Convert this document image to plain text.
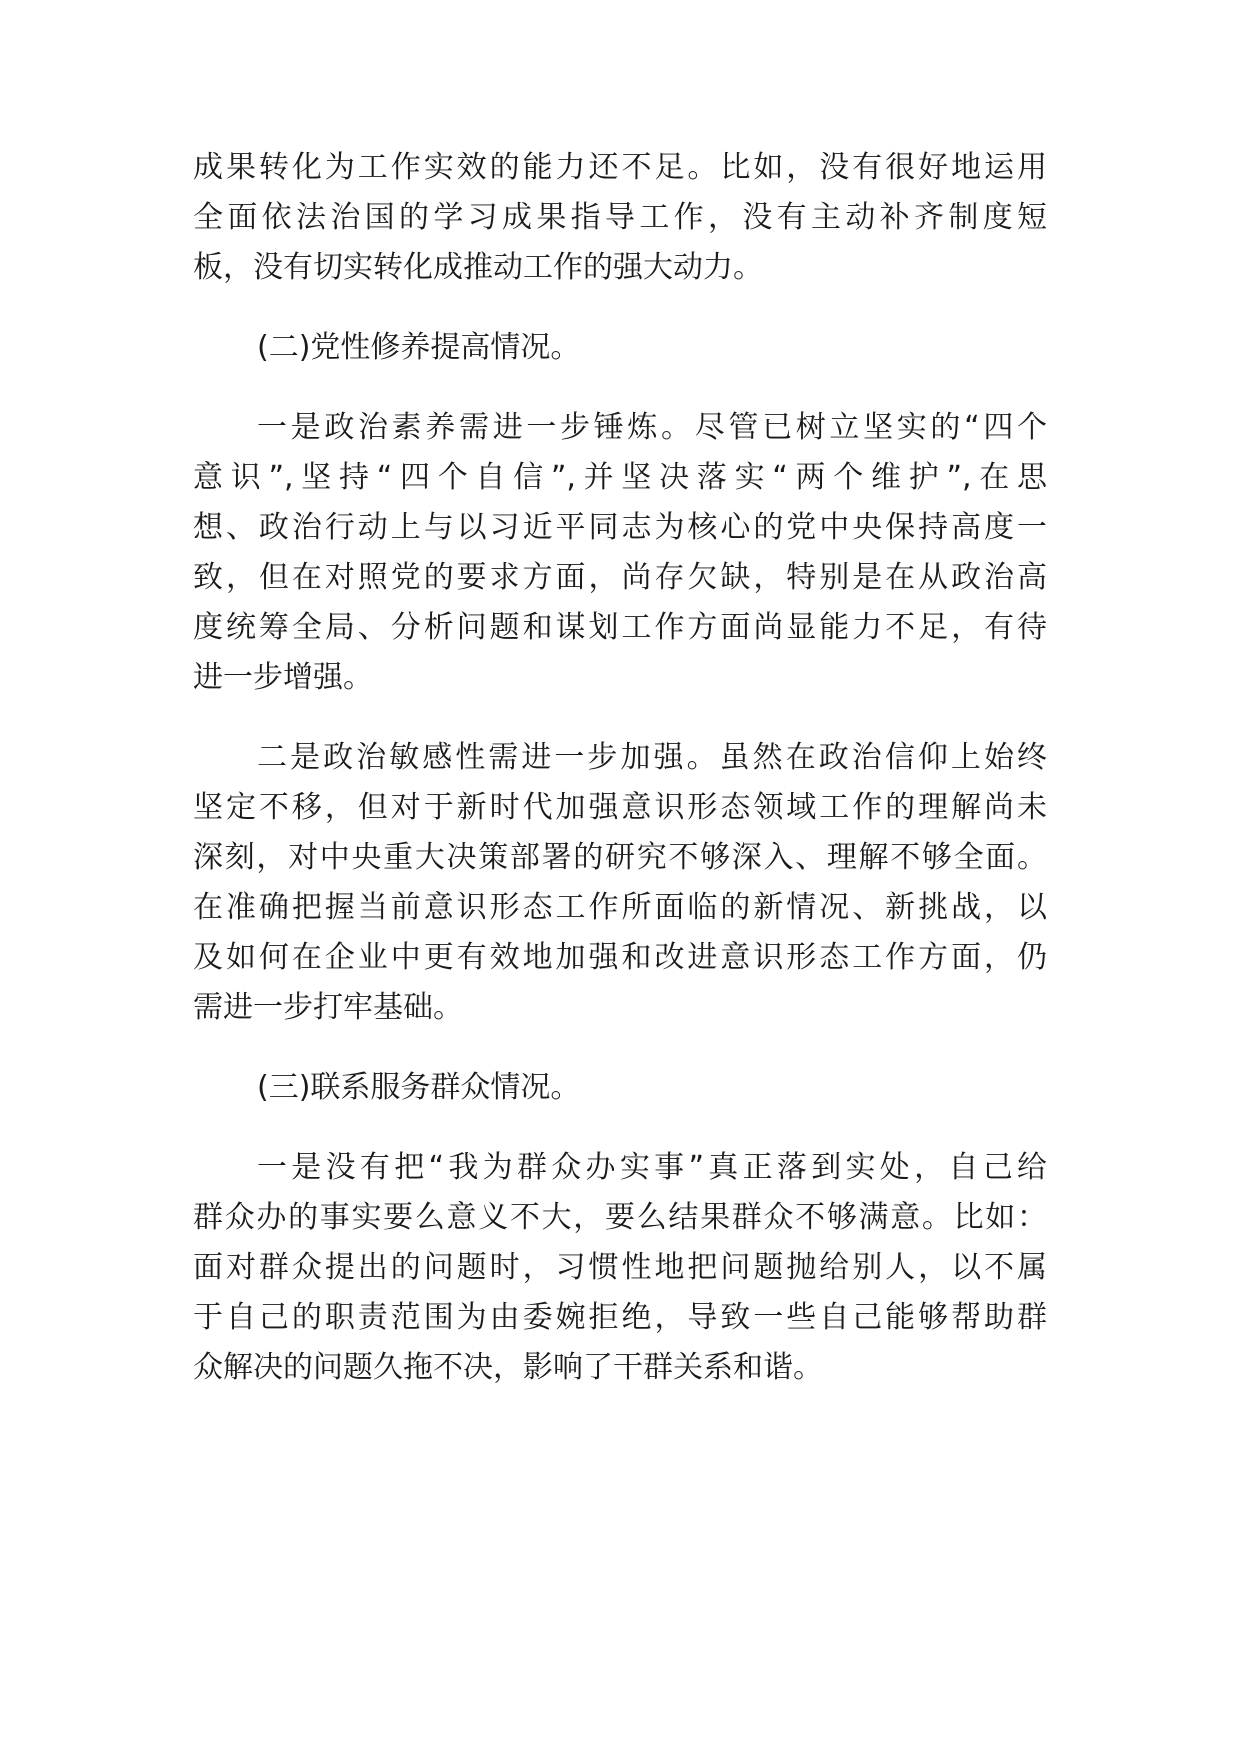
成果转化为工作实效的能力还不足。比如，没有很好地运用

全面依法治国的学习成果指导工作，没有主动补齐制度短

板，没有切实转化成推动工作的强大动力。

(二)党性修养提高情况。

一是政治素养需进一步锤炼。尽管已树立坚实的“四个

意识”,坚持“四个自信”,并坚决落实“两个维护”,在思

想、政治行动上与以习近平同志为核心的党中央保持高度一

致，但在对照党的要求方面，尚存欠缺，特别是在从政治高

度统筹全局、分析问题和谋划工作方面尚显能力不足，有待

进一步增强。

二是政治敏感性需进一步加强。虽然在政治信仰上始终

坚定不移，但对于新时代加强意识形态领域工作的理解尚未

深刻，对中央重大决策部署的研究不够深入、理解不够全面。

在准确把握当前意识形态工作所面临的新情况、新挑战，以

及如何在企业中更有效地加强和改进意识形态工作方面，仍

需进一步打牢基础。

(三)联系服务群众情况。

一是没有把“我为群众办实事”真正落到实处，自己给

群众办的事实要么意义不大，要么结果群众不够满意。比如：

面对群众提出的问题时，习惯性地把问题抛给别人，以不属

于自己的职责范围为由委婉拒绝，导致一些自己能够帮助群

众解决的问题久拖不决，影响了干群关系和谐。
